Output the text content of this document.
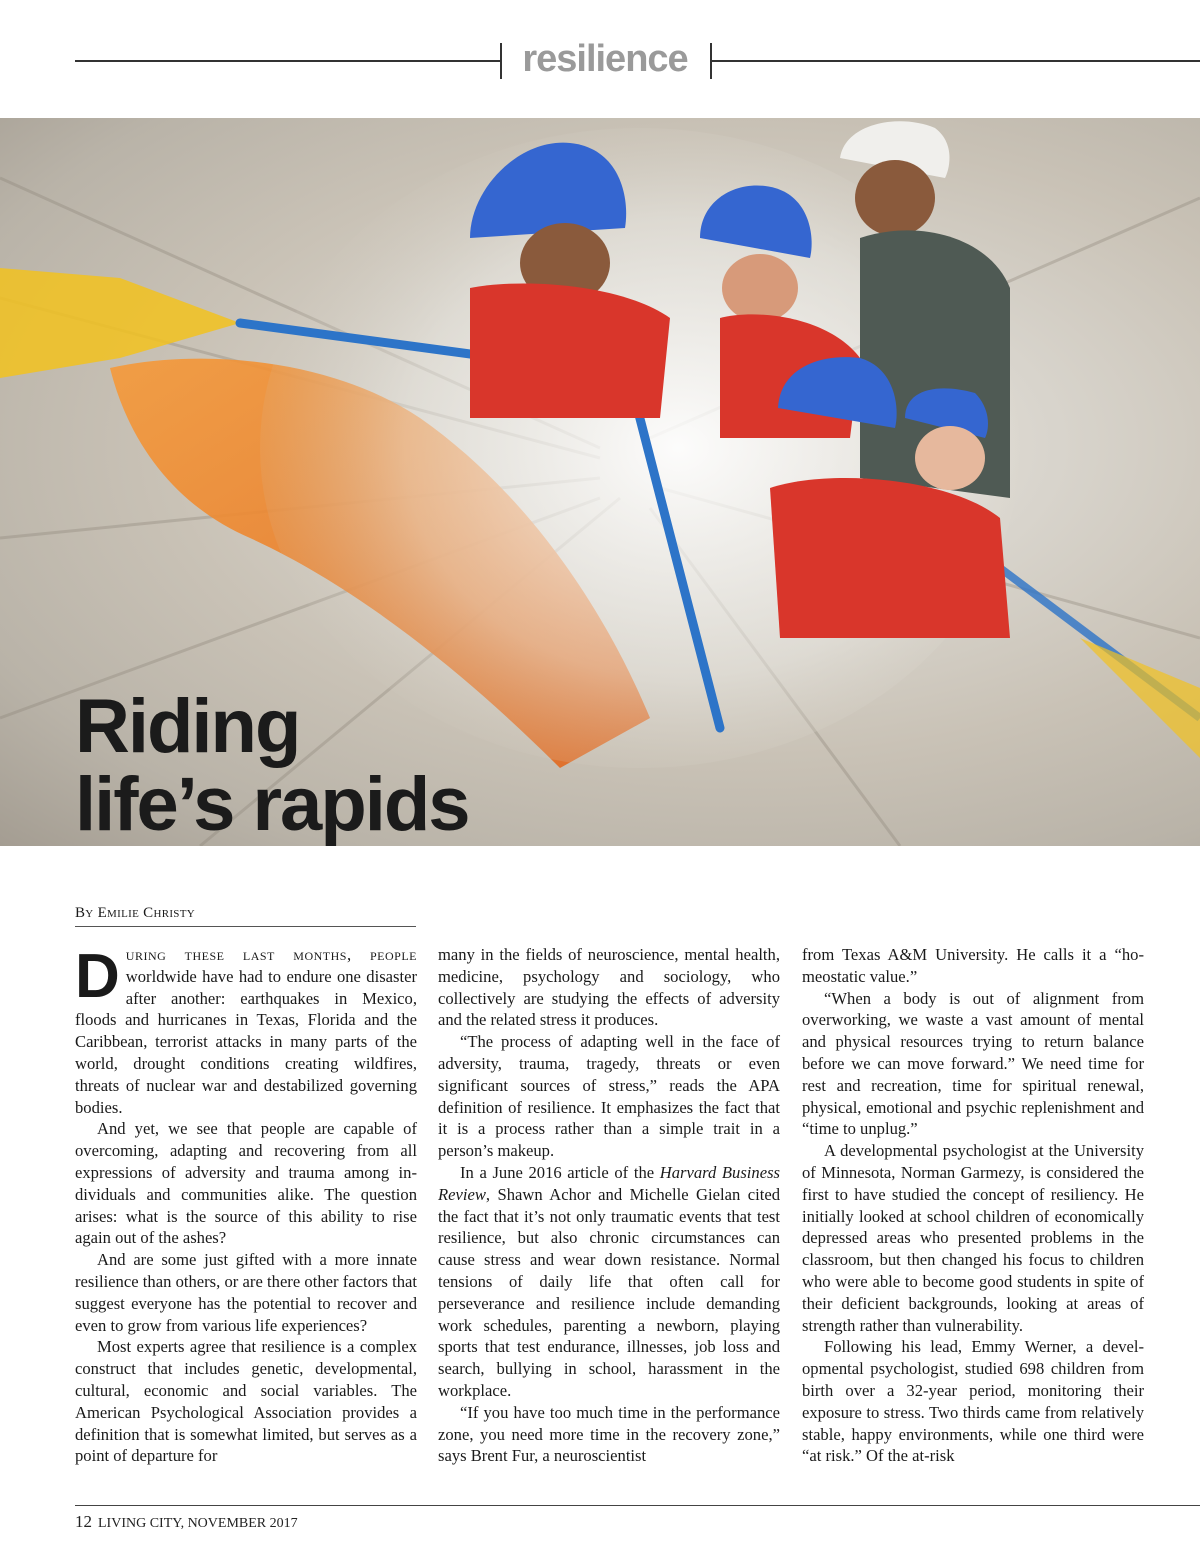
resilience
Riding
life’s rapids

By Emilie Christy

During these last months, people worldwide have had to endure one disaster after another: earthquakes in Mexico, floods and hurricanes in Texas, Florida and the Caribbean, terrorist attacks in many parts of the world, drought conditions creating wildfires, threats of nuclear war and destabilized governing bodies.

And yet, we see that people are capable of overcoming, adapting and recovering from all expressions of adversity and trauma among individuals and communities alike. The question arises: what is the source of this ability to rise again out of the ashes?

And are some just gifted with a more innate resilience than others, or are there other factors that suggest everyone has the potential to recover and even to grow from various life experiences?

Most experts agree that resilience is a complex construct that includes genetic, developmental, cultural, economic and social variables. The American Psychological Association provides a definition that is somewhat limited, but serves as a point of departure for

many in the fields of neuroscience, mental health, medicine, psychology and sociology, who collectively are studying the effects of adversity and the related stress it produces.

“The process of adapting well in the face of adversity, trauma, tragedy, threats or even significant sources of stress,” reads the APA definition of resilience. It emphasizes the fact that it is a process rather than a simple trait in a person’s makeup.

In a June 2016 article of the Harvard Business Review, Shawn Achor and Michelle Gielan cited the fact that it’s not only traumatic events that test resilience, but also chronic circumstances can cause stress and wear down resistance. Normal tensions of daily life that often call for perseverance and resilience include demanding work schedules, parenting a newborn, playing sports that test endurance, illnesses, job loss and search, bullying in school, harassment in the workplace.

“If you have too much time in the performance zone, you need more time in the recovery zone,” says Brent Fur, a neuroscientist

from Texas A&M University. He calls it a “homeostatic value.”

“When a body is out of alignment from overworking, we waste a vast amount of mental and physical resources trying to return balance before we can move forward.” We need time for rest and recreation, time for spiritual renewal, physical, emotional and psychic replenishment and “time to unplug.”

A developmental psychologist at the University of Minnesota, Norman Garmezy, is considered the first to have studied the concept of resiliency. He initially looked at school children of economically depressed areas who presented problems in the classroom, but then changed his focus to children who were able to become good students in spite of their deficient backgrounds, looking at areas of strength rather than vulnerability.

Following his lead, Emmy Werner, a developmental psychologist, studied 698 children from birth over a 32-year period, monitoring their exposure to stress. Two thirds came from relatively stable, happy environments, while one third were “at risk.” Of the at-risk

12 LIVING CITY, NOVEMBER 2017
